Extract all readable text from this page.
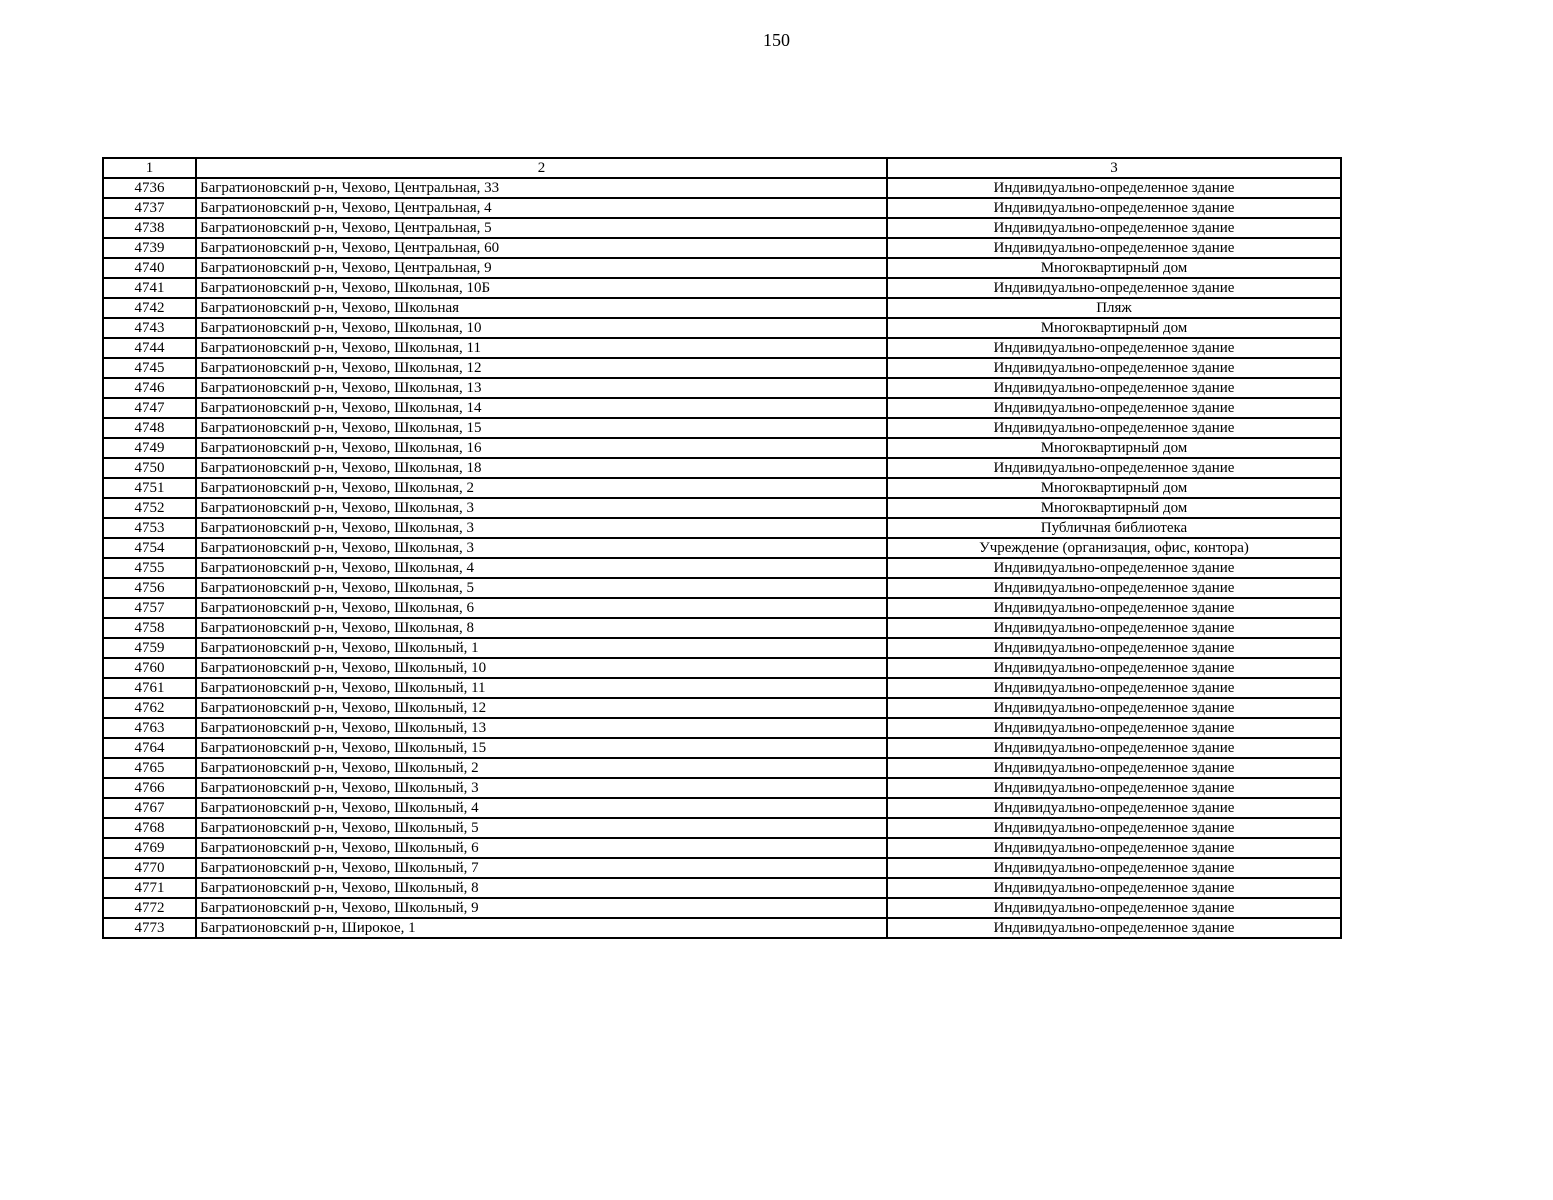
150
1	2	3
4736	Багратионовский р-н, Чехово, Центральная, 33	Индивидуально-определенное здание
4737	Багратионовский р-н, Чехово, Центральная, 4	Индивидуально-определенное здание
4738	Багратионовский р-н, Чехово, Центральная, 5	Индивидуально-определенное здание
4739	Багратионовский р-н, Чехово, Центральная, 60	Индивидуально-определенное здание
4740	Багратионовский р-н, Чехово, Центральная, 9	Многоквартирный дом
4741	Багратионовский р-н, Чехово, Школьная, 10Б	Индивидуально-определенное здание
4742	Багратионовский р-н, Чехово, Школьная	Пляж
4743	Багратионовский р-н, Чехово, Школьная, 10	Многоквартирный дом
4744	Багратионовский р-н, Чехово, Школьная, 11	Индивидуально-определенное здание
4745	Багратионовский р-н, Чехово, Школьная, 12	Индивидуально-определенное здание
4746	Багратионовский р-н, Чехово, Школьная, 13	Индивидуально-определенное здание
4747	Багратионовский р-н, Чехово, Школьная, 14	Индивидуально-определенное здание
4748	Багратионовский р-н, Чехово, Школьная, 15	Индивидуально-определенное здание
4749	Багратионовский р-н, Чехово, Школьная, 16	Многоквартирный дом
4750	Багратионовский р-н, Чехово, Школьная, 18	Индивидуально-определенное здание
4751	Багратионовский р-н, Чехово, Школьная, 2	Многоквартирный дом
4752	Багратионовский р-н, Чехово, Школьная, 3	Многоквартирный дом
4753	Багратионовский р-н, Чехово, Школьная, 3	Публичная библиотека
4754	Багратионовский р-н, Чехово, Школьная, 3	Учреждение (организация, офис, контора)
4755	Багратионовский р-н, Чехово, Школьная, 4	Индивидуально-определенное здание
4756	Багратионовский р-н, Чехово, Школьная, 5	Индивидуально-определенное здание
4757	Багратионовский р-н, Чехово, Школьная, 6	Индивидуально-определенное здание
4758	Багратионовский р-н, Чехово, Школьная, 8	Индивидуально-определенное здание
4759	Багратионовский р-н, Чехово, Школьный, 1	Индивидуально-определенное здание
4760	Багратионовский р-н, Чехово, Школьный, 10	Индивидуально-определенное здание
4761	Багратионовский р-н, Чехово, Школьный, 11	Индивидуально-определенное здание
4762	Багратионовский р-н, Чехово, Школьный, 12	Индивидуально-определенное здание
4763	Багратионовский р-н, Чехово, Школьный, 13	Индивидуально-определенное здание
4764	Багратионовский р-н, Чехово, Школьный, 15	Индивидуально-определенное здание
4765	Багратионовский р-н, Чехово, Школьный, 2	Индивидуально-определенное здание
4766	Багратионовский р-н, Чехово, Школьный, 3	Индивидуально-определенное здание
4767	Багратионовский р-н, Чехово, Школьный, 4	Индивидуально-определенное здание
4768	Багратионовский р-н, Чехово, Школьный, 5	Индивидуально-определенное здание
4769	Багратионовский р-н, Чехово, Школьный, 6	Индивидуально-определенное здание
4770	Багратионовский р-н, Чехово, Школьный, 7	Индивидуально-определенное здание
4771	Багратионовский р-н, Чехово, Школьный, 8	Индивидуально-определенное здание
4772	Багратионовский р-н, Чехово, Школьный, 9	Индивидуально-определенное здание
4773	Багратионовский р-н, Широкое, 1	Индивидуально-определенное здание
